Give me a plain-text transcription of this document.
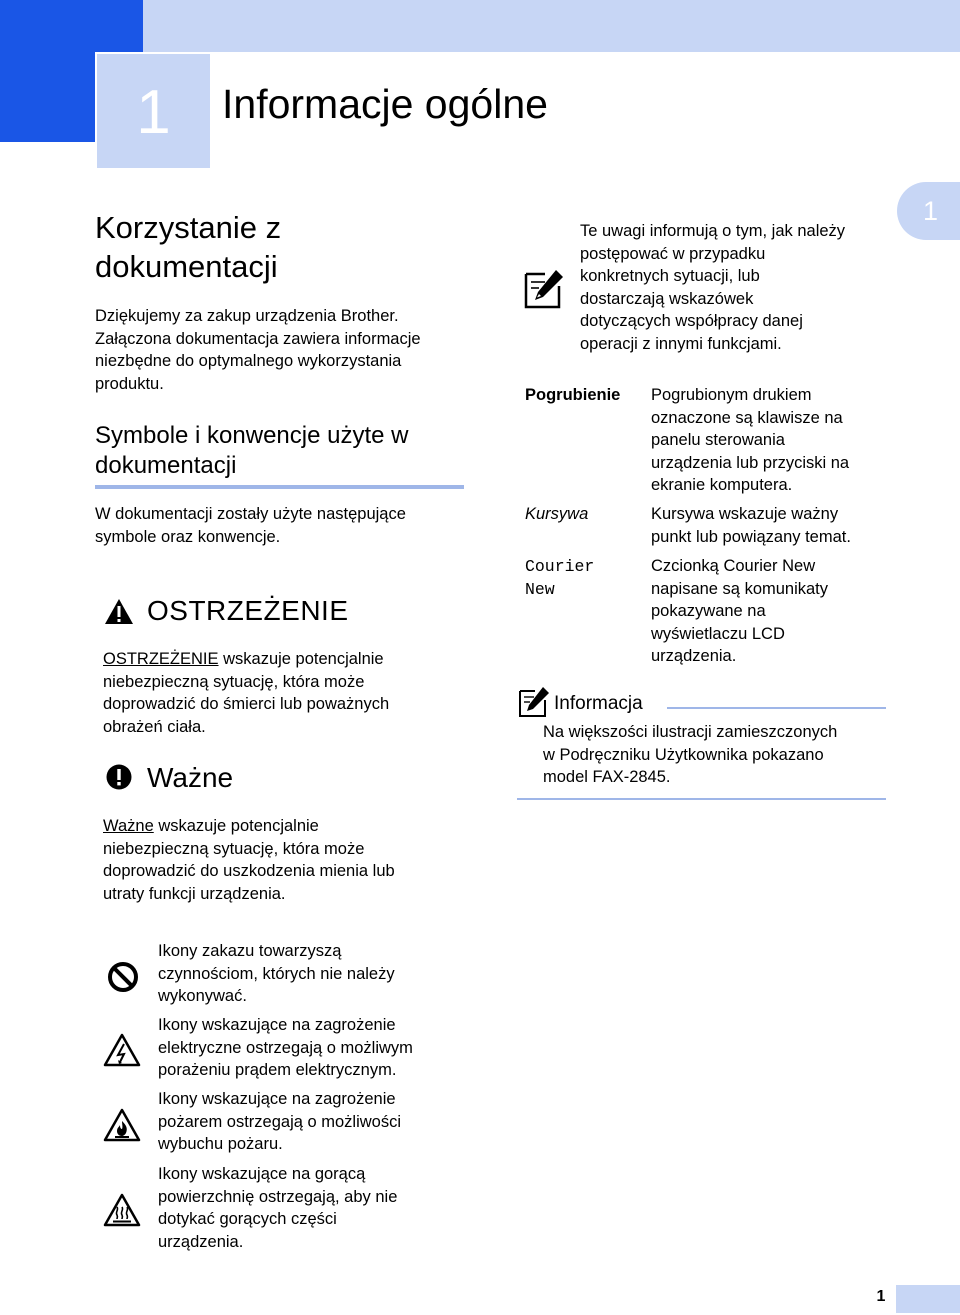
1	Informacje ogólne
1
Korzystanie z dokumentacji
Dziękujemy za zakup urządzenia Brother.
Załączona dokumentacja zawiera informacje
niezbędne do optymalnego wykorzystania
produktu.
Symbole i konwencje użyte w dokumentacji
W dokumentacji zostały użyte następujące
symbole oraz konwencje.
OSTRZEŻENIE
OSTRZEŻENIE wskazuje potencjalnie
niebezpieczną sytuację, która może
doprowadzić do śmierci lub poważnych
obrażeń ciała.
Ważne
Ważne wskazuje potencjalnie
niebezpieczną sytuację, która może
doprowadzić do uszkodzenia mienia lub
utraty funkcji urządzenia.
Ikony zakazu towarzyszą
czynnościom, których nie należy
wykonywać.
Ikony wskazujące na zagrożenie
elektryczne ostrzegają o możliwym
porażeniu prądem elektrycznym.
Ikony wskazujące na zagrożenie
pożarem ostrzegają o możliwości
wybuchu pożaru.
Ikony wskazujące na gorącą
powierzchnię ostrzegają, aby nie
dotykać gorących części
urządzenia.
Te uwagi informują o tym, jak należy
postępować w przypadku
konkretnych sytuacji, lub
dostarczają wskazówek
dotyczących współpracy danej
operacji z innymi funkcjami.
Pogrubienie Pogrubionym drukiem
oznaczone są klawisze na
panelu sterowania
urządzenia lub przyciski na
ekranie komputera.
Kursywa	Kursywa wskazuje ważny
punkt lub powiązany temat.
Courier
New
Czcionką Courier New
napisane są komunikaty
pokazywane na
wyświetlaczu LCD
urządzenia.
Informacja
Na większości ilustracji zamieszczonych
w Podręczniku Użytkownika pokazano
model FAX-2845.
1
